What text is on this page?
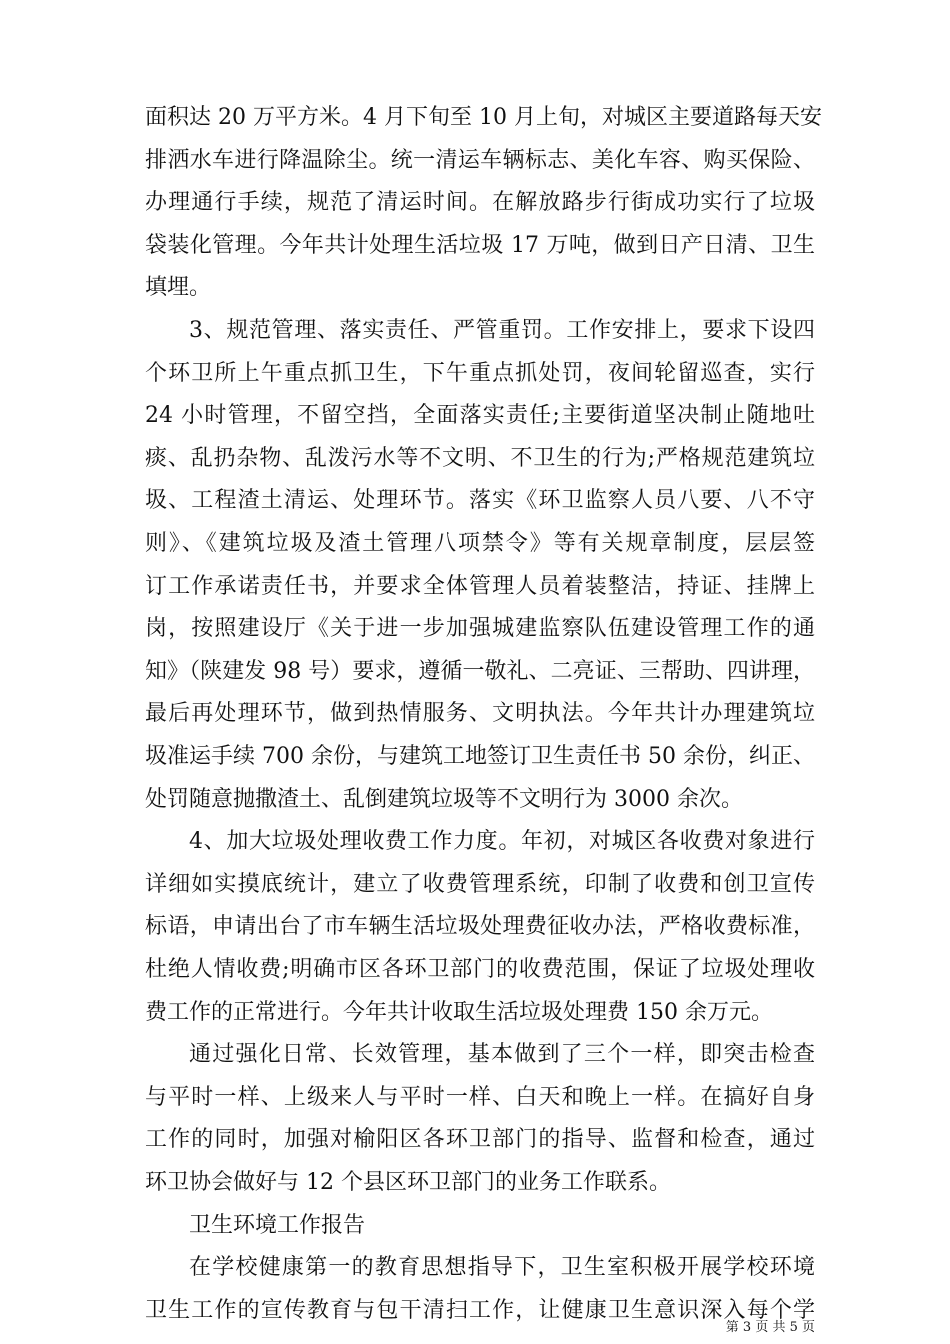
面积达 20 万平方米。4 月下旬至 10 月上旬，对城区主要道路每天安
排洒水车进行降温除尘。统一清运车辆标志、美化车容、购买保险、
办理通行手续，规范了清运时间。在解放路步行街成功实行了垃圾
袋装化管理。今年共计处理生活垃圾 17 万吨，做到日产日清、卫生
填埋。
3、规范管理、落实责任、严管重罚。工作安排上，要求下设四
个环卫所上午重点抓卫生，下午重点抓处罚，夜间轮留巡查，实行
24 小时管理，不留空挡，全面落实责任;主要街道坚决制止随地吐
痰、乱扔杂物、乱泼污水等不文明、不卫生的行为;严格规范建筑垃
圾、工程渣土清运、处理环节。落实《环卫监察人员八要、八不守
则》、《建筑垃圾及渣土管理八项禁令》等有关规章制度，层层签
订工作承诺责任书，并要求全体管理人员着装整洁，持证、挂牌上
岗，按照建设厅《关于进一步加强城建监察队伍建设管理工作的通
知》（陕建发 98 号）要求，遵循一敬礼、二亮证、三帮助、四讲理，
最后再处理环节，做到热情服务、文明执法。今年共计办理建筑垃
圾准运手续 700 余份，与建筑工地签订卫生责任书 50 余份，纠正、
处罚随意抛撒渣土、乱倒建筑垃圾等不文明行为 3000 余次。
4、加大垃圾处理收费工作力度。年初，对城区各收费对象进行
详细如实摸底统计，建立了收费管理系统，印制了收费和创卫宣传
标语，申请出台了市车辆生活垃圾处理费征收办法，严格收费标准，
杜绝人情收费;明确市区各环卫部门的收费范围，保证了垃圾处理收
费工作的正常进行。今年共计收取生活垃圾处理费 150 余万元。
通过强化日常、长效管理，基本做到了三个一样，即突击检查
与平时一样、上级来人与平时一样、白天和晚上一样。在搞好自身
工作的同时，加强对榆阳区各环卫部门的指导、监督和检查，通过
环卫协会做好与 12 个县区环卫部门的业务工作联系。
卫生环境工作报告
在学校健康第一的教育思想指导下，卫生室积极开展学校环境
第 3 页 共 5 页
卫生工作的宣传教育与包干清扫工作，让健康卫生意识深入每个学
